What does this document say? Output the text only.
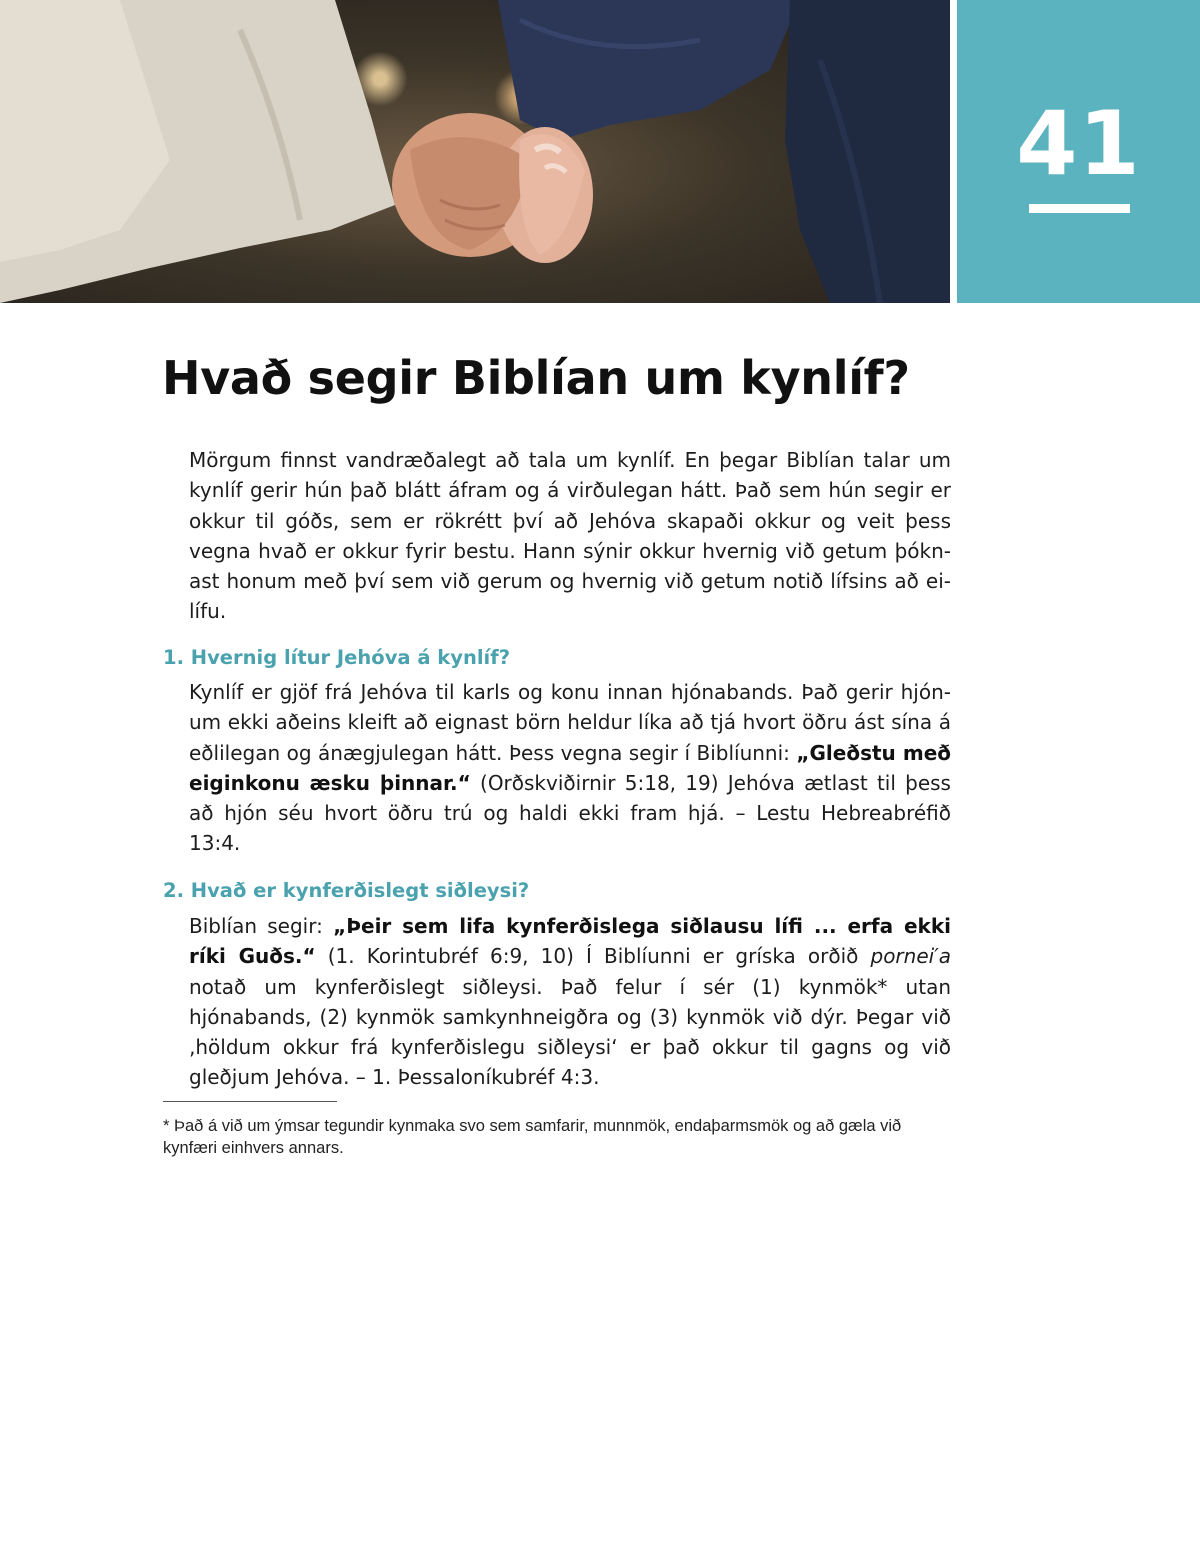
41
Hvað segir Biblían um kynlíf?

Mörgum finnst vandræðalegt að tala um kynlíf. En þegar Biblían talar um kynlíf gerir hún það blátt áfram og á virðulegan hátt. Það sem hún segir er okkur til góðs, sem er rökrétt því að Jehóva skapaði okkur og veit þess vegna hvað er okkur fyrir bestu. Hann sýnir okkur hvernig við getum þóknast honum með því sem við gerum og hvernig við getum notið lífsins að eilífu.

1. Hvernig lítur Jehóva á kynlíf?

Kynlíf er gjöf frá Jehóva til karls og konu innan hjónabands. Það gerir hjónum ekki aðeins kleift að eignast börn heldur líka að tjá hvort öðru ást sína á eðlilegan og ánægjulegan hátt. Þess vegna segir í Biblíunni: „Gleðstu með eiginkonu æsku þinnar.“ (Orðskviðirnir 5:18, 19) Jehóva ætlast til þess að hjón séu hvort öðru trú og haldi ekki fram hjá. – Lestu Hebreabréfið 13:4.

2. Hvað er kynferðislegt siðleysi?

Biblían segir: „Þeir sem lifa kynferðislega siðlausu lífi ... erfa ekki ríki Guðs.“ (1. Korintubréf 6:9, 10) Í Biblíunni er gríska orðið pornei′a notað um kynferðislegt siðleysi. Það felur í sér (1) kynmök* utan hjónabands, (2) kynmök samkynhneigðra og (3) kynmök við dýr. Þegar við ‚höldum okkur frá kynferðislegu siðleysi‘ er það okkur til gagns og við gleðjum Jehóva. – 1. Þessaloníkubréf 4:3.

* Það á við um ýmsar tegundir kynmaka svo sem samfarir, munnmök, endaþarmsmök og að gæla við kynfæri einhvers annars.
